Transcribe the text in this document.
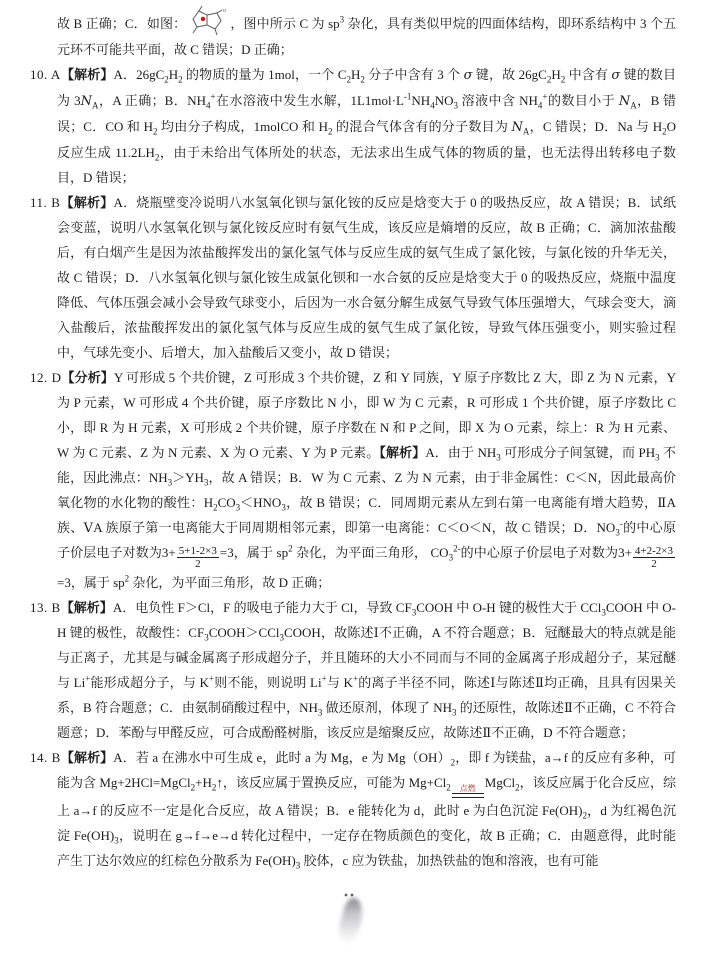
故 B 正确；C．如图：
o
，图中所示 C 为 $sp^3$ 杂化，具有类似甲烷的四面体结构，即环系结构中 3 个五元环不可能共平面，故 C 错误；D 正确；

10. A【解析】A．$26gC_2H_2$ 的物质的量为 1mol，一个 $C_2H_2$ 分子中含有 3 个 σ 键，故 $26gC_2H_2$ 中含有 σ 键的数目为 $3N_A$，A 正确；B．$NH_4^+$在水溶液中发生水解，$1L1mol\cdot L^{-1}NH_4NO_3$ 溶液中含 $NH_4^+$的数目小于 $N_A$，B 错误；C．CO 和 $H_2$ 均由分子构成，1molCO 和 $H_2$ 的混合气体含有的分子数目为 $N_A$，C 错误；D．Na 与 $H_2O$ 反应生成 $11.2LH_2$，由于未给出气体所处的状态，无法求出生成气体的物质的量，也无法得出转移电子数目，D 错误；

11. B【解析】A．烧瓶壁变冷说明八水氢氧化钡与氯化铵的反应是焓变大于 0 的吸热反应，故 A 错误；B．试纸会变蓝，说明八水氢氧化钡与氯化铵反应时有氨气生成，该反应是熵增的反应，故 B 正确；C．滴加浓盐酸后，有白烟产生是因为浓盐酸挥发出的氯化氢气体与反应生成的氨气生成了氯化铵，与氯化铵的升华无关，故 C 错误；D．八水氢氧化钡与氯化铵生成氯化钡和一水合氨的反应是焓变大于 0 的吸热反应，烧瓶中温度降低、气体压强会减小会导致气球变小，后因为一水合氨分解生成氨气导致气体压强增大，气球会变大，滴入盐酸后，浓盐酸挥发出的氯化氢气体与反应生成的氨气生成了氯化铵，导致气体压强变小，则实验过程中，气球先变小、后增大，加入盐酸后又变小，故 D 错误；

12. D【分析】Y 可形成 5 个共价键，Z 可形成 3 个共价键，Z 和 Y 同族，Y 原子序数比 Z 大，即 Z 为 N 元素，Y 为 P 元素，W 可形成 4 个共价键，原子序数比 N 小，即 W 为 C 元素，R 可形成 1 个共价键，原子序数比 C 小，即 R 为 H 元素，X 可形成 2 个共价键，原子序数在 N 和 P 之间，即 X 为 O 元素，综上：R 为 H 元素、W 为 C 元素、Z 为 N 元素、X 为 O 元素、Y 为 P 元素。【解析】A．由于 $NH_3$ 可形成分子间氢键，而 $PH_3$ 不能，因此沸点：$NH_3>YH_3$，故 A 错误；B．W 为 C 元素、Z 为 N 元素，由于非金属性：C＜N，因此最高价氧化物的水化物的酸性：$H_2CO_3<HNO_3$，故 B 错误；C．同周期元素从左到右第一电离能有增大趋势，ⅡA 族、ⅤA 族原子第一电离能大于同周期相邻元素，即第一电离能：C＜O＜N，故 C 错误；D．$NO_3^-$的中心原子价层电子对数为$3+ \frac{5+1-2\times 3}{2} =3$，属于 $sp^2$ 杂化，为平面三角形， $CO_3^{2-}$的中心原子价层电子对数为$3+ \frac{4+2-2\times 3}{2}$
=3，属于 $sp^2$ 杂化，为平面三角形，故 D 正确；

13. B【解析】A．电负性 F＞Cl，F 的吸电子能力大于 Cl，导致 $CF_3COOH$ 中 O-H 键的极性大于 CCl$_3$COOH 中 O-H 键的极性，故酸性：$CF_3COOH>CCl_3COOH$，故陈述Ⅰ不正确，A 不符合题意；B．冠醚最大的特点就是能与正离子，尤其是与碱金属离子形成超分子，并且随环的大小不同而与不同的金属离子形成超分子，某冠醚与 Li+能形成超分子，与 K+则不能，则说明 Li+与 K+的离子半径不同，陈述Ⅰ与陈述Ⅱ均正确，且具有因果关系，B 符合题意；C．由氨制硝酸过程中，$NH_3$ 做还原剂，体现了 $NH_3$ 的还原性，故陈述Ⅱ不正确，C 不符合题意；D．苯酚与甲醛反应，可合成酚醛树脂，该反应是缩聚反应，故陈述Ⅱ不正确，D 不符合题意；

14. B【解析】A．若 a 在沸水中可生成 e，此时 a 为 Mg，e 为 $Mg(OH)_2$，即 f 为镁盐，a→f 的反应有多种，可能为含 $Mg+2HCl=MgCl_2+H_2↑$，该反应属于置换反应，可能为 $Mg+Cl_2$	点燃 MgCl$_2$，该反应属于化合反应，综上 a→f 的反应不一定是化合反应，故 A 错误；B．e 能转化为 d，此时 e 为白色沉淀 $Fe(OH)_2$，d 为红褐色沉淀 $Fe(OH)_3$，说明在 g→f→e→d 转化过程中，一定存在物质颜色的变化，故 B 正确；C．由题意得，此时能产生丁达尔效应的红棕色分散系为 $Fe(OH)_3$ 胶体，c 应为铁盐，加热铁盐的饱和溶液，也有可能
